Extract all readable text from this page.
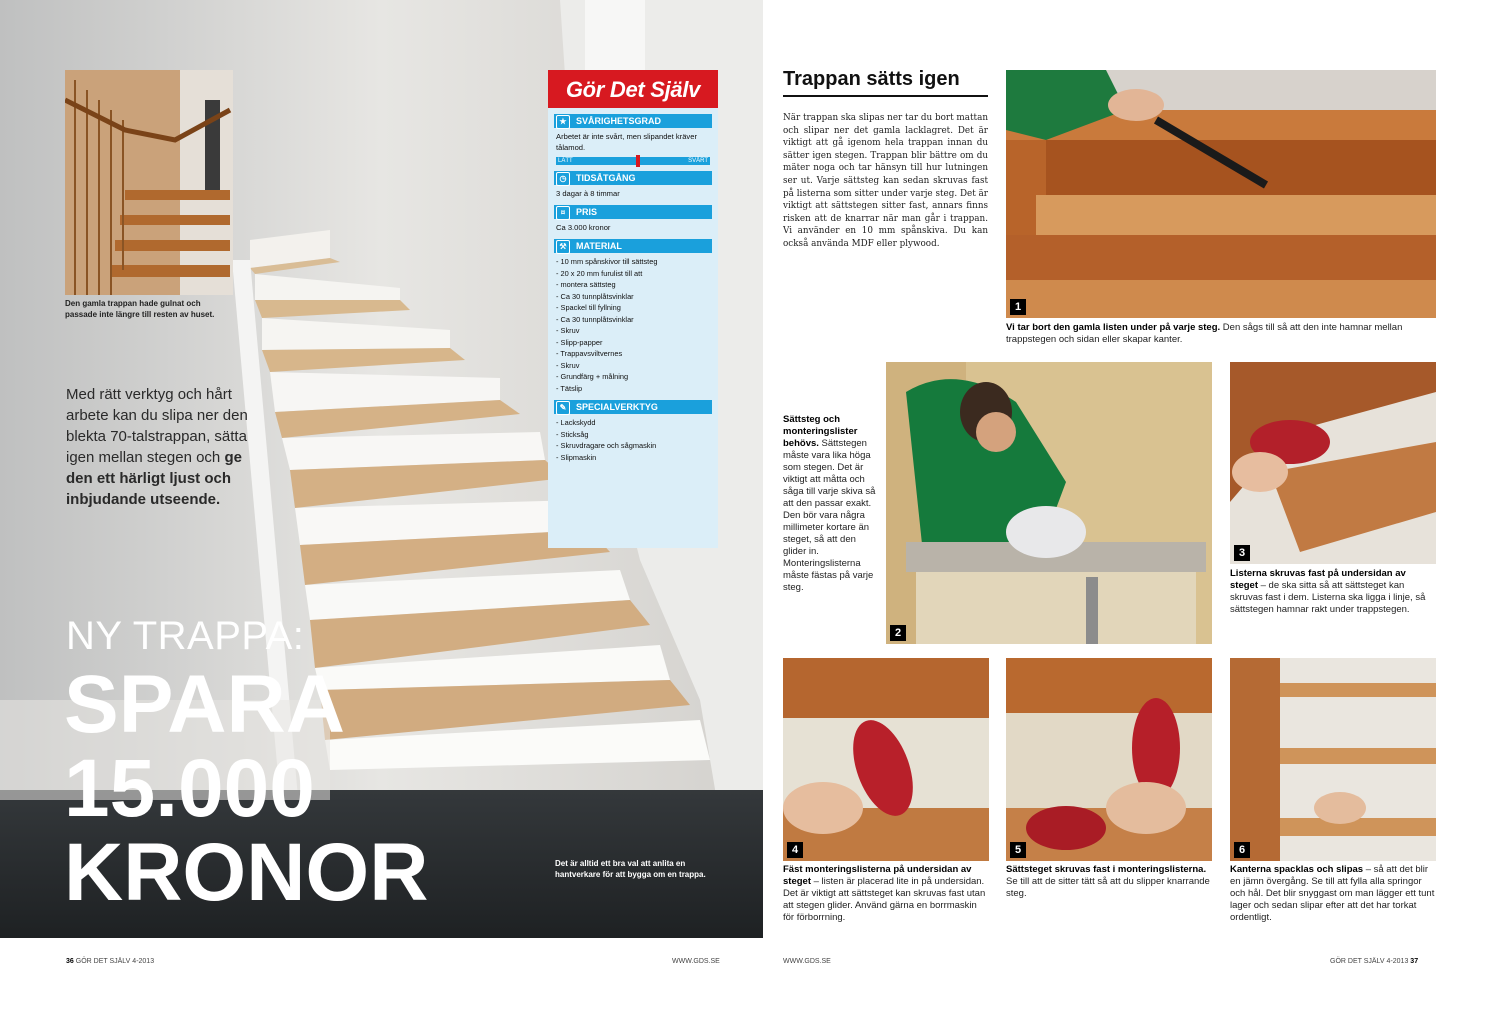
Den gamla trappan hade gulnat och passade inte längre till resten av huset.
Med rätt verktyg och hårt arbete kan du slipa ner den blekta 70-talstrappan, sätta igen mellan stegen och ge den ett härligt ljust och inbjudande utseende.
NY TRAPPA:
SPARA
15.000
KRONOR	Det är alltid ett bra val att anlita en hantverkare för att bygga om en trappa.
Gör Det Själv
★	SVÅRIGHETSGRAD
Arbetet är inte svårt, men slipandet kräver tålamod.
LÄTT	SVÅRT
◷	TIDSÅTGÅNG
3 dagar à 8 timmar
¤	PRIS
Ca 3.000 kronor
⚒	MATERIAL
- 10 mm spånskivor till sättsteg
- 20 x 20 mm furulist till att
- montera sättsteg
- Ca 30 tunnplåtsvinklar
- Spackel till fyllning
- Ca 30 tunnplåtsvinklar
- Skruv
- Slipp-papper
- Trappavsviltvernes
- Skruv
- Grundfärg + målning
- Tätslip
✎	SPECIALVERKTYG
- Lackskydd
- Sticksåg
- Skruvdragare och sågmaskin
- Slipmaskin
Trappan sätts igen
När trappan ska slipas ner tar du bort mattan och slipar ner det gamla lacklagret. Det är viktigt att gå igenom hela trappan innan du sätter igen stegen. Trappan blir bättre om du mäter noga och tar hänsyn till hur lutningen ser ut. Varje sättsteg kan sedan skruvas fast på listerna som sitter under varje steg. Det är viktigt att sättstegen sitter fast, annars finns risken att de knarrar när man går i trappan. Vi använder en 10 mm spånskiva. Du kan också använda MDF eller plywood.
1
Vi tar bort den gamla listen under på varje steg. Den sågs till så att den inte hamnar mellan trappstegen och sidan eller skapar kanter.
Sättsteg och monteringslister behövs. Sättstegen måste vara lika höga som stegen. Det är viktigt att måtta och såga till varje skiva så att den passar exakt. Den bör vara några millimeter kortare än steget, så att den glider in. Monteringslisterna måste fästas på varje steg.
2
3
Listerna skruvas fast på undersidan av steget – de ska sitta så att sättsteget kan skruvas fast i dem. Listerna ska ligga i linje, så sättstegen hamnar rakt under trappstegen.
4	5	6
Fäst monteringslisterna på undersidan av steget – listen är placerad lite in på undersidan. Det är viktigt att sättsteget kan skruvas fast utan att stegen glider. Använd gärna en borrmaskin för förborrning.
Sättsteget skruvas fast i monteringslisterna. Se till att de sitter tätt så att du slipper knarrande steg.
Kanterna spacklas och slipas – så att det blir en jämn övergång. Se till att fylla alla springor och hål. Det blir snyggast om man lägger ett tunt lager och sedan slipar efter att det har torkat ordentligt.
36 GÖR DET SJÄLV 4-2013	WWW.GDS.SE	WWW.GDS.SE	GÖR DET SJÄLV 4-2013 37
